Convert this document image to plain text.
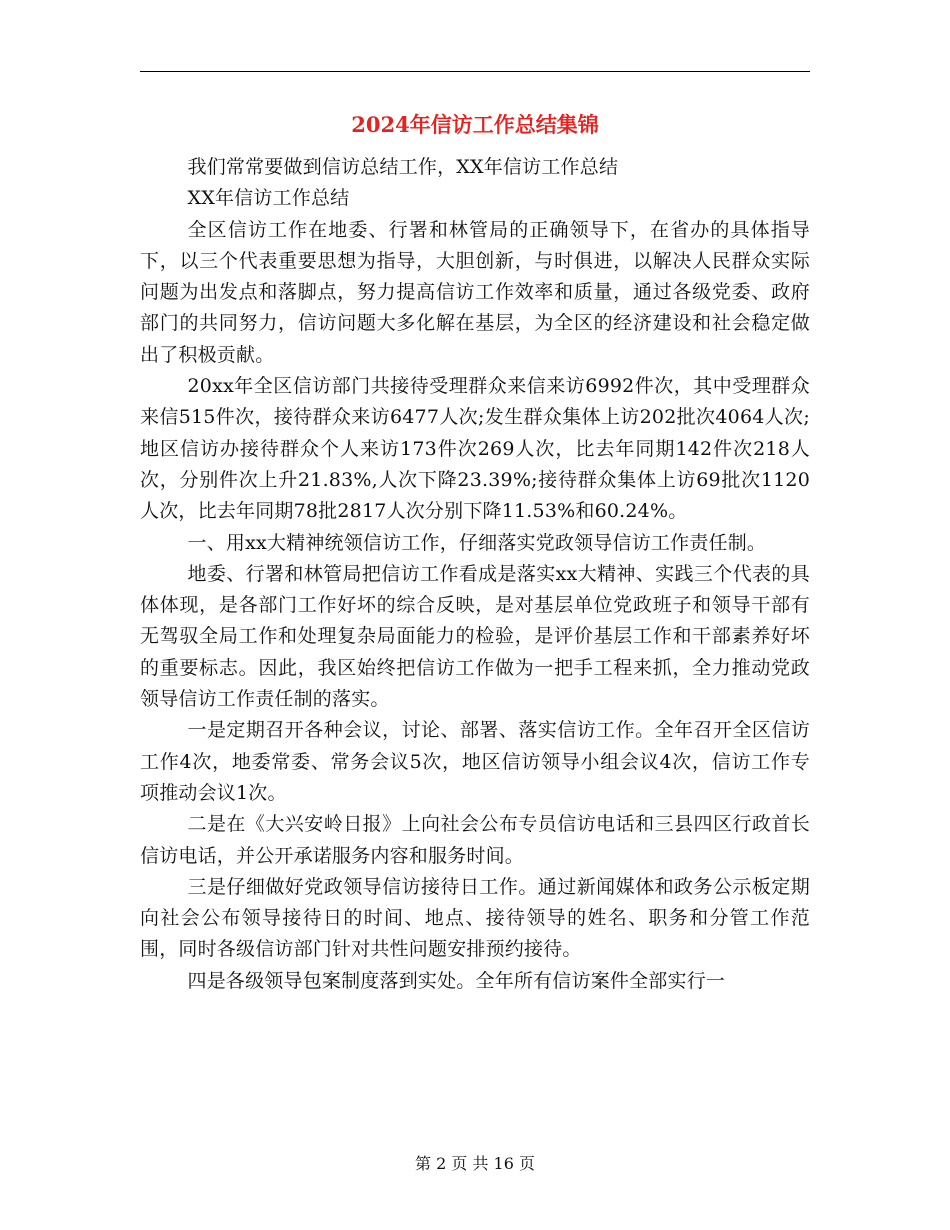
2024年信访工作总结集锦

我们常常要做到信访总结工作，XX年信访工作总结

XX年信访工作总结

全区信访工作在地委、行署和林管局的正确领导下，在省办的具体指导下，以三个代表重要思想为指导，大胆创新，与时俱进，以解决人民群众实际问题为出发点和落脚点，努力提高信访工作效率和质量，通过各级党委、政府部门的共同努力，信访问题大多化解在基层，为全区的经济建设和社会稳定做出了积极贡献。

20xx年全区信访部门共接待受理群众来信来访6992件次，其中受理群众来信515件次，接待群众来访6477人次;发生群众集体上访202批次4064人次;地区信访办接待群众个人来访173件次269人次，比去年同期142件次218人次，分别件次上升21.83%,人次下降23.39%;接待群众集体上访69批次1120人次，比去年同期78批2817人次分别下降11.53%和60.24%。

一、用xx大精神统领信访工作，仔细落实党政领导信访工作责任制。

地委、行署和林管局把信访工作看成是落实xx大精神、实践三个代表的具体体现，是各部门工作好坏的综合反映，是对基层单位党政班子和领导干部有无驾驭全局工作和处理复杂局面能力的检验，是评价基层工作和干部素养好坏的重要标志。因此，我区始终把信访工作做为一把手工程来抓，全力推动党政领导信访工作责任制的落实。

一是定期召开各种会议，讨论、部署、落实信访工作。全年召开全区信访工作4次，地委常委、常务会议5次，地区信访领导小组会议4次，信访工作专项推动会议1次。

二是在《大兴安岭日报》上向社会公布专员信访电话和三县四区行政首长信访电话，并公开承诺服务内容和服务时间。

三是仔细做好党政领导信访接待日工作。通过新闻媒体和政务公示板定期向社会公布领导接待日的时间、地点、接待领导的姓名、职务和分管工作范围，同时各级信访部门针对共性问题安排预约接待。

四是各级领导包案制度落到实处。全年所有信访案件全部实行一

第 2 页 共 16 页
